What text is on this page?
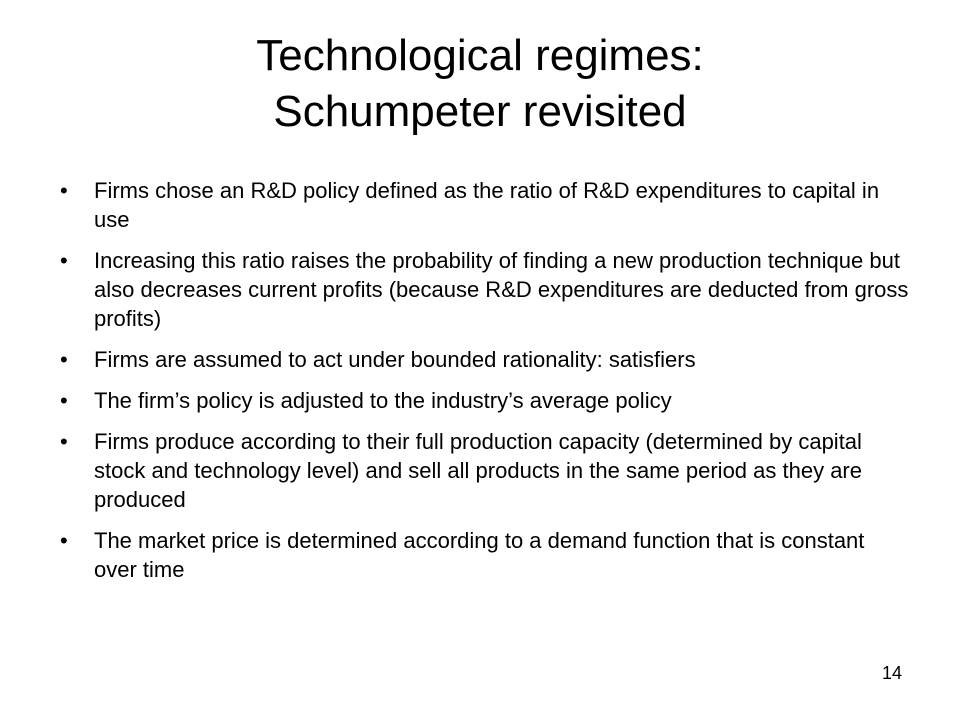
Technological regimes:
Schumpeter revisited
•	Firms chose an R&D policy defined as the ratio of R&D expenditures to capital in use
•	Increasing this ratio raises the probability of finding a new production technique but also decreases current profits (because R&D expenditures are deducted from gross profits)
•	Firms are assumed to act under bounded rationality: satisfiers
•	The firm’s policy is adjusted to the industry’s average policy
•	Firms produce according to their full production capacity (determined by capital stock and technology level) and sell all products in the same period as they are produced
•	The market price is determined according to a demand function that is constant over time
14
